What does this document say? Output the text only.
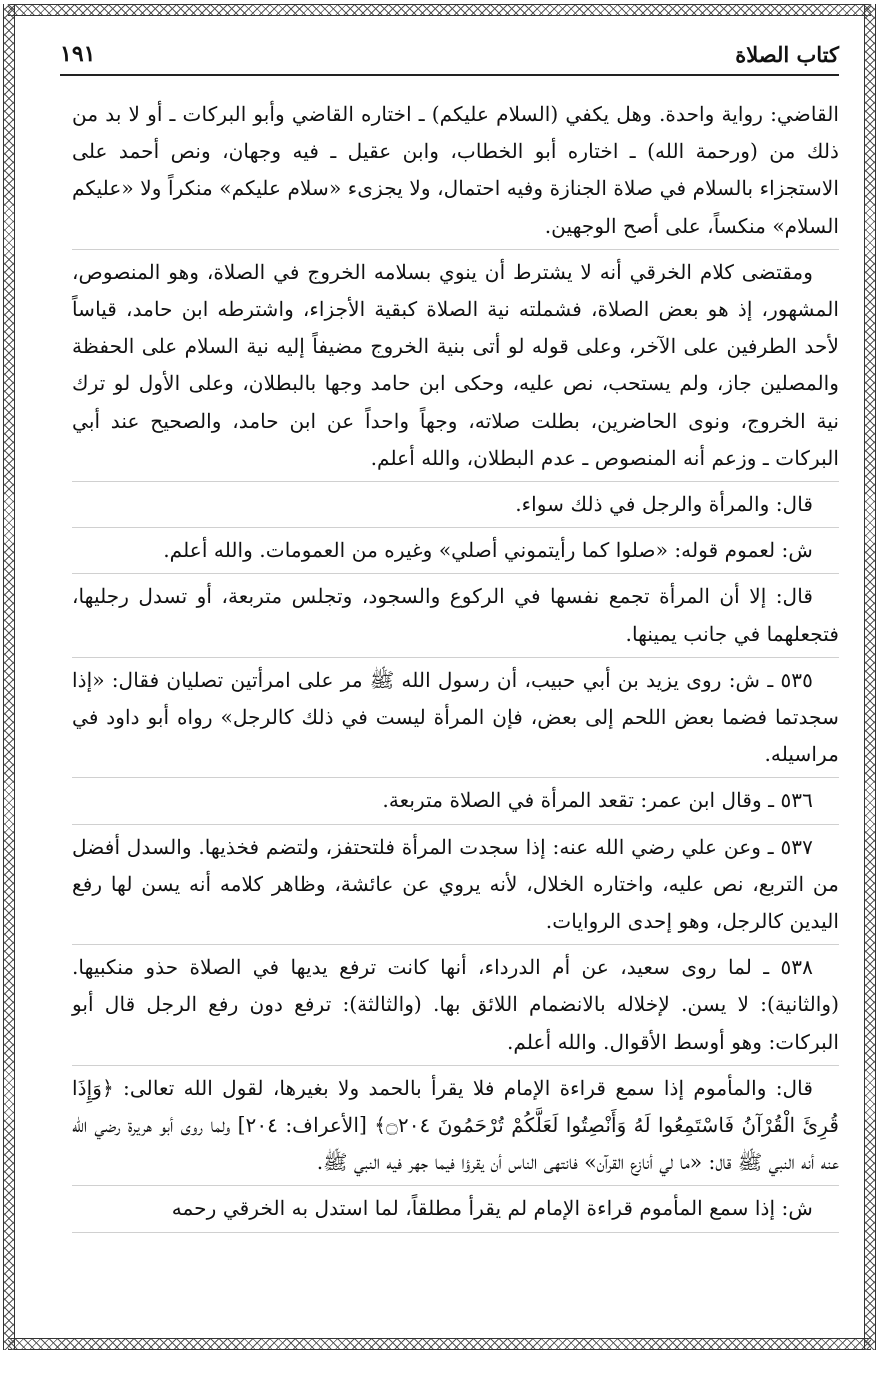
كتاب الصلاة
١٩١

القاضي: رواية واحدة. وهل يكفي (السلام عليكم) ـ اختاره القاضي وأبو البركات ـ أو لا بد من ذلك من (ورحمة الله) ـ اختاره أبو الخطاب، وابن عقيل ـ فيه وجهان، ونص أحمد على الاستجزاء بالسلام في صلاة الجنازة وفيه احتمال، ولا يجزىء «سلام عليكم» منكراً ولا «عليكم السلام» منكساً، على أصح الوجهين.

ومقتضى كلام الخرقي أنه لا يشترط أن ينوي بسلامه الخروج في الصلاة، وهو المنصوص، المشهور، إذ هو بعض الصلاة، فشملته نية الصلاة كبقية الأجزاء، واشترطه ابن حامد، قياساً لأحد الطرفين على الآخر، وعلى قوله لو أتى بنية الخروج مضيفاً إليه نية السلام على الحفظة والمصلين جاز، ولم يستحب، نص عليه، وحكى ابن حامد وجها بالبطلان، وعلى الأول لو ترك نية الخروج، ونوى الحاضرين، بطلت صلاته، وجهاً واحداً عن ابن حامد، والصحيح عند أبي البركات ـ وزعم أنه المنصوص ـ عدم البطلان، والله أعلم.

قال: والمرأة والرجل في ذلك سواء.

ش: لعموم قوله: «صلوا كما رأيتموني أصلي» وغيره من العمومات. والله أعلم.

قال: إلا أن المرأة تجمع نفسها في الركوع والسجود، وتجلس متربعة، أو تسدل رجليها، فتجعلهما في جانب يمينها.

٥٣٥ ـ ش: روى يزيد بن أبي حبيب، أن رسول الله ﷺ مر على امرأتين تصليان فقال: «إذا سجدتما فضما بعض اللحم إلى بعض، فإن المرأة ليست في ذلك كالرجل» رواه أبو داود في مراسيله.

٥٣٦ ـ وقال ابن عمر: تقعد المرأة في الصلاة متربعة.

٥٣٧ ـ وعن علي رضي الله عنه: إذا سجدت المرأة فلتحتفز، ولتضم فخذيها. والسدل أفضل من التربع، نص عليه، واختاره الخلال، لأنه يروي عن عائشة، وظاهر كلامه أنه يسن لها رفع اليدين كالرجل، وهو إحدى الروايات.

٥٣٨ ـ لما روى سعيد، عن أم الدرداء، أنها كانت ترفع يديها في الصلاة حذو منكبيها. (والثانية): لا يسن. لإخلاله بالانضمام اللائق بها. (والثالثة): ترفع دون رفع الرجل قال أبو البركات: وهو أوسط الأقوال. والله أعلم.

قال: والمأموم إذا سمع قراءة الإمام فلا يقرأ بالحمد ولا بغيرها، لقول الله تعالى: ﴿وَإِذَا قُرِئَ الْقُرْآنُ فَاسْتَمِعُوا لَهُ وَأَنْصِتُوا لَعَلَّكُمْ تُرْحَمُونَ ۝٢٠٤﴾ [الأعراف: ٢٠٤] ولما روى أبو هريرة رضي الله عنه أنه النبي ﷺ قال: «ما لي أنازع القرآن» فانتهى الناس أن يقرؤا فيما جهر فيه النبي ﷺ.

ش: إذا سمع المأموم قراءة الإمام لم يقرأ مطلقاً، لما استدل به الخرقي رحمه
